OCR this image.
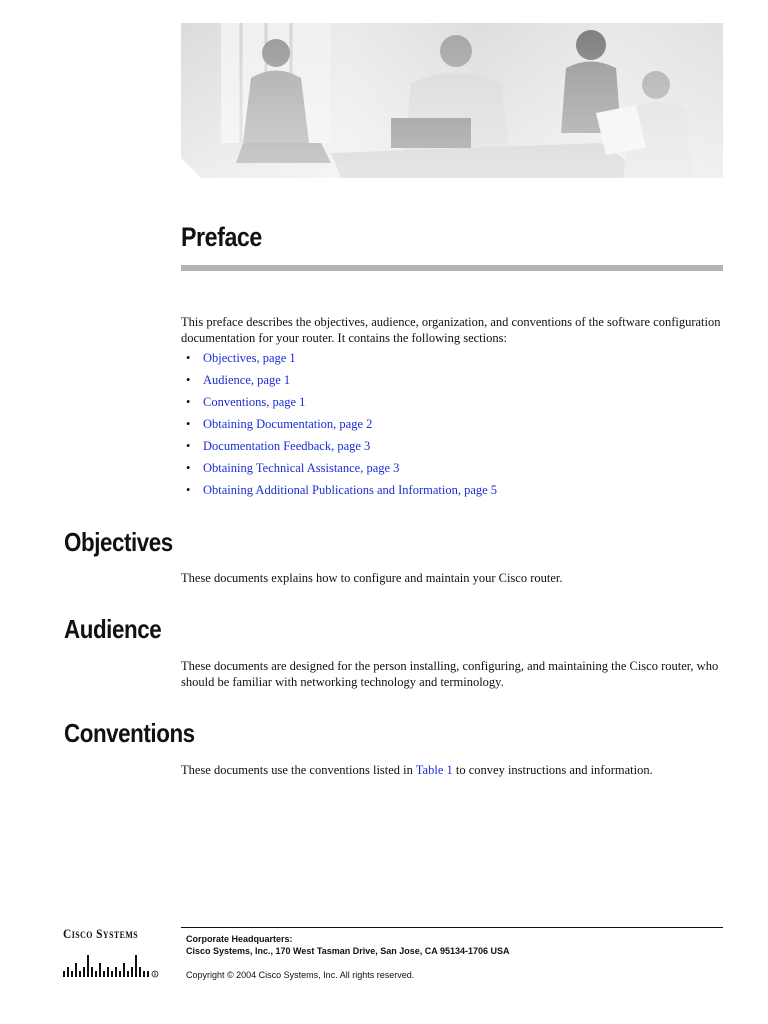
Preface

This preface describes the objectives, audience, organization, and conventions of the software configuration documentation for your router. It contains the following sections:

• Objectives, page 1
• Audience, page 1
• Conventions, page 1
• Obtaining Documentation, page 2
• Documentation Feedback, page 3
• Obtaining Technical Assistance, page 3
• Obtaining Additional Publications and Information, page 5
Objectives

These documents explains how to configure and maintain your Cisco router.

Audience

These documents are designed for the person installing, configuring, and maintaining the Cisco router, who should be familiar with networking technology and terminology.

Conventions

These documents use the conventions listed in Table 1 to convey instructions and information.

Cisco Systems
R
Corporate Headquarters:
Cisco Systems, Inc., 170 West Tasman Drive, San Jose, CA 95134-1706 USA
Copyright © 2004 Cisco Systems, Inc. All rights reserved.
